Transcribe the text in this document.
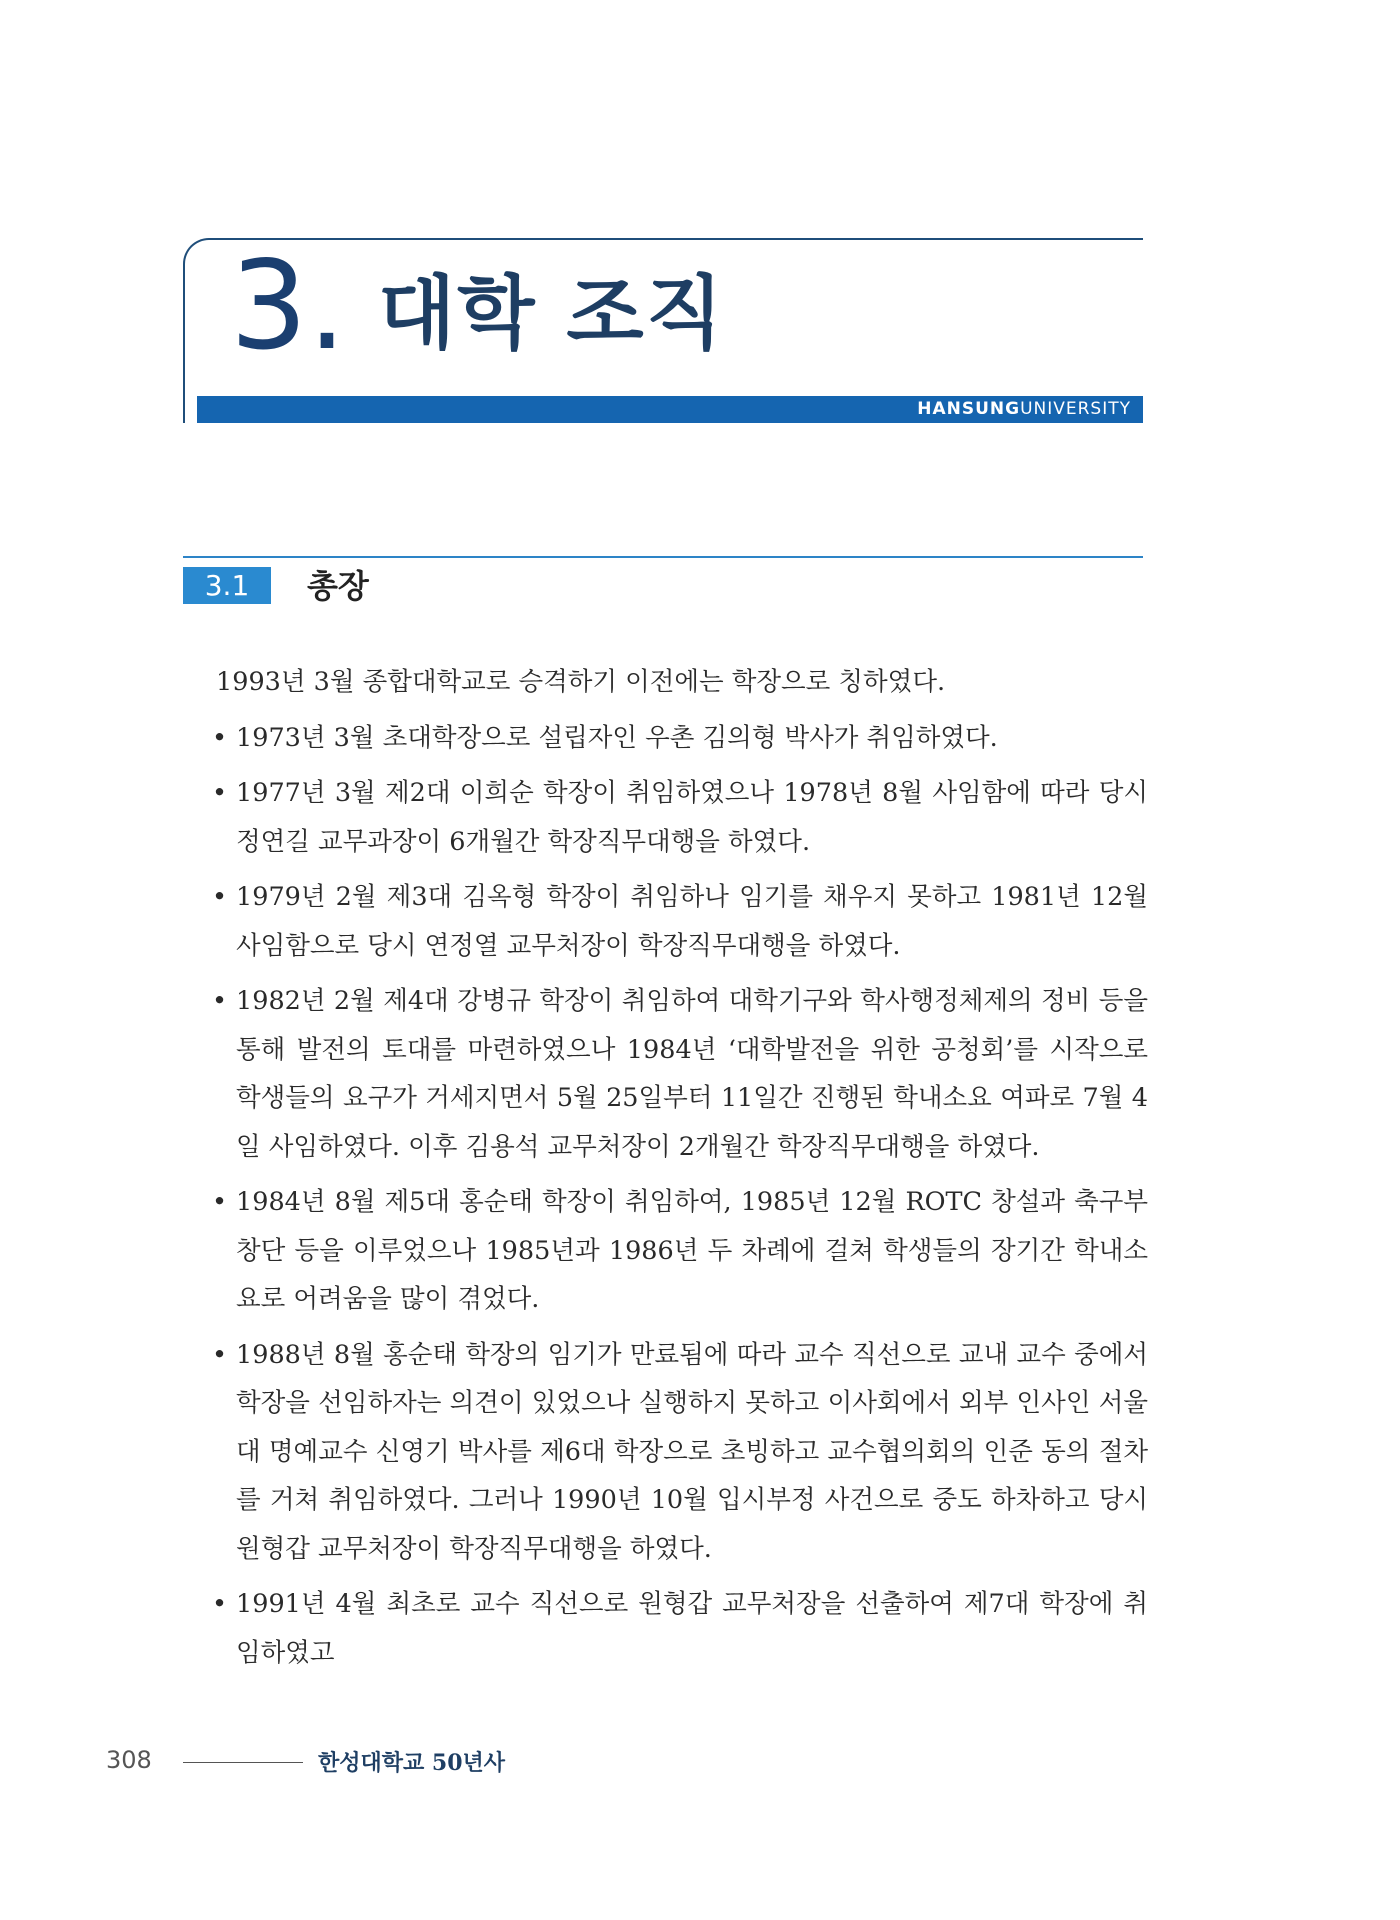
3. 대학 조직
HANSUNGUNIVERSITY
3.1	총장

1993년 3월 종합대학교로 승격하기 이전에는 학장으로 칭하였다.

• 1973년 3월 초대학장으로 설립자인 우촌 김의형 박사가 취임하였다.
• 1977년 3월 제2대 이희순 학장이 취임하였으나 1978년 8월 사임함에 따라 당시 정연길 교무과장이 6개월간 학장직무대행을 하였다.
• 1979년 2월 제3대 김옥형 학장이 취임하나 임기를 채우지 못하고 1981년 12월 사임함으로 당시 연정열 교무처장이 학장직무대행을 하였다.
• 1982년 2월 제4대 강병규 학장이 취임하여 대학기구와 학사행정체제의 정비 등을 통해 발전의 토대를 마련하였으나 1984년 ‘대학발전을 위한 공청회’를 시작으로 학생들의 요구가 거세지면서 5월 25일부터 11일간 진행된 학내소요 여파로 7월 4일 사임하였다. 이후 김용석 교무처장이 2개월간 학장직무대행을 하였다.
• 1984년 8월 제5대 홍순태 학장이 취임하여, 1985년 12월 ROTC 창설과 축구부 창단 등을 이루었으나 1985년과 1986년 두 차례에 걸쳐 학생들의 장기간 학내소요로 어려움을 많이 겪었다.
• 1988년 8월 홍순태 학장의 임기가 만료됨에 따라 교수 직선으로 교내 교수 중에서 학장을 선임하자는 의견이 있었으나 실행하지 못하고 이사회에서 외부 인사인 서울대 명예교수 신영기 박사를 제6대 학장으로 초빙하고 교수협의회의 인준 동의 절차를 거쳐 취임하였다. 그러나 1990년 10월 입시부정 사건으로 중도 하차하고 당시 원형갑 교무처장이 학장직무대행을 하였다.
• 1991년 4월 최초로 교수 직선으로 원형갑 교무처장을 선출하여 제7대 학장에 취임하였고
308	한성대학교 50년사
